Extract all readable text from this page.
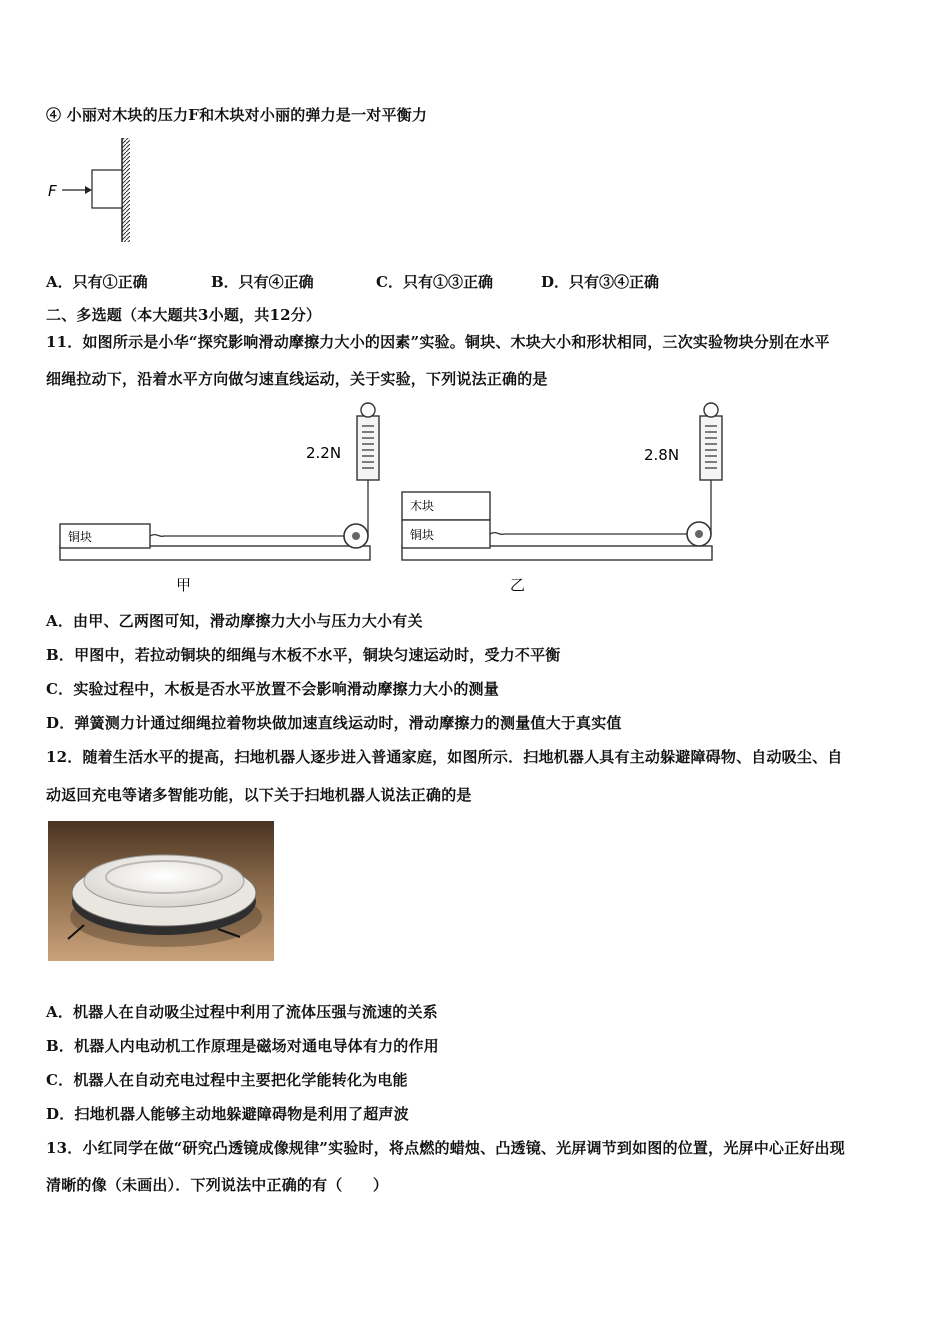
④ 小丽对木块的压力F和木块对小丽的弹力是一对平衡力
F
A．只有①正确	B．只有④正确	C．只有①③正确	D．只有③④正确
二、多选题（本大题共3小题，共12分）
11．如图所示是小华“探究影响滑动摩擦力大小的因素”实验。铜块、木块大小和形状相同，三次实验物块分别在水平
细绳拉动下，沿着水平方向做匀速直线运动，关于实验，下列说法正确的是
铜块
2.2N
甲
木块
铜块
2.8N
乙
A．由甲、乙两图可知，滑动摩擦力大小与压力大小有关
B．甲图中，若拉动铜块的细绳与木板不水平，铜块匀速运动时，受力不平衡
C．实验过程中，木板是否水平放置不会影响滑动摩擦力大小的测量
D．弹簧测力计通过细绳拉着物块做加速直线运动时，滑动摩擦力的测量值大于真实值
12．随着生活水平的提高，扫地机器人逐步进入普通家庭，如图所示．扫地机器人具有主动躲避障碍物、自动吸尘、自
动返回充电等诸多智能功能，以下关于扫地机器人说法正确的是
A．机器人在自动吸尘过程中利用了流体压强与流速的关系
B．机器人内电动机工作原理是磁场对通电导体有力的作用
C．机器人在自动充电过程中主要把化学能转化为电能
D．扫地机器人能够主动地躲避障碍物是利用了超声波
13．小红同学在做“研究凸透镜成像规律”实验时，将点燃的蜡烛、凸透镜、光屏调节到如图的位置，光屏中心正好出现
清晰的像（未画出）．下列说法中正确的有（　　）
